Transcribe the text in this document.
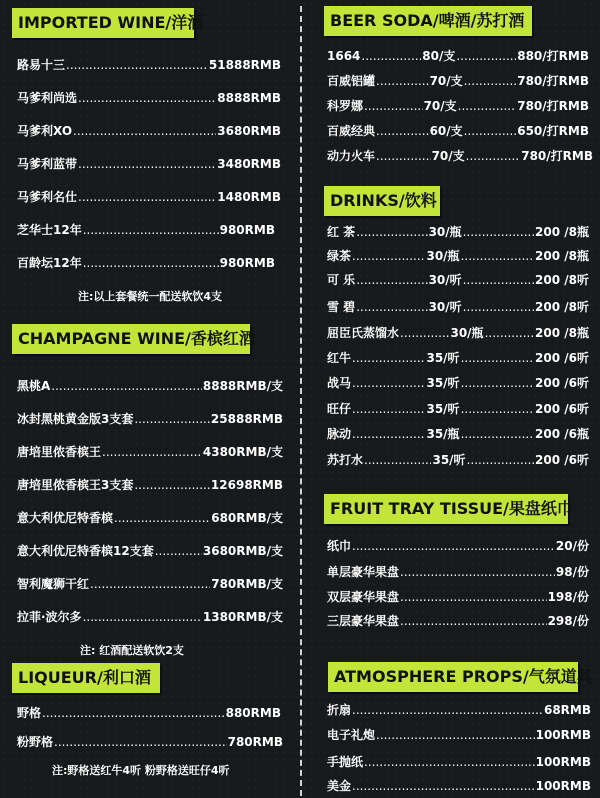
IMPORTED WINE/洋酒
路易十三 .....	51888RMB
马爹利尚选 .....	8888RMB
马爹利XO .....	3680RMB
马爹利蓝带 .....	3480RMB
马爹利名仕 .....	1480RMB
芝华士12年 .....	980RMB
百龄坛12年 .....	980RMB
注:以上套餐统一配送软饮4支
CHAMPAGNE WINE/香槟红酒
黑桃A .....	8888RMB/支
冰封黑桃黄金版3支套 .....	25888RMB
唐培里侬香槟王 .....	4380RMB/支
唐培里侬香槟王3支套 .....	12698RMB
意大利优尼特香槟 .....	680RMB/支
意大利优尼特香槟12支套 .....	3680RMB/支
智利魔狮干红 .....	780RMB/支
拉菲·波尔多 .....	1380RMB/支
注: 红酒配送软饮2支
LIQUEUR/利口酒
野格 .....	880RMB
粉野格 .....	780RMB
注:野格送红牛4听 粉野格送旺仔4听
BEER SODA/啤酒/苏打酒
1664 .....	80/支 .....	880/打RMB
百威铝罐 .....	70/支 .....	780/打RMB
科罗娜 .....	70/支 .....	780/打RMB
百威经典 .....	60/支 .....	650/打RMB
动力火车 .....	70/支 .....	780/打RMB
DRINKS/饮料
红 茶 .....	30/瓶 .....	200 /8瓶
绿茶 .....	30/瓶 .....	200 /8瓶
可 乐 .....	30/听 .....	200 /8听
雪 碧 .....	30/听 .....	200 /8听
屈臣氏蒸馏水 .....	30/瓶 .....	200 /8瓶
红牛 .....	35/听 .....	200 /6听
战马 .....	35/听 .....	200 /6听
旺仔 .....	35/听 .....	200 /6听
脉动 .....	35/瓶 .....	200 /6瓶
苏打水 .....	35/听 .....	200 /6听
FRUIT TRAY TISSUE/果盘纸巾
纸巾 .....	20/份
单层豪华果盘 .....	98/份
双层豪华果盘 .....	198/份
三层豪华果盘 .....	298/份
ATMOSPHERE PROPS/气氛道具
折扇 .....	68RMB
电子礼炮 .....	100RMB
手抛纸 .....	100RMB
美金 .....	100RMB
